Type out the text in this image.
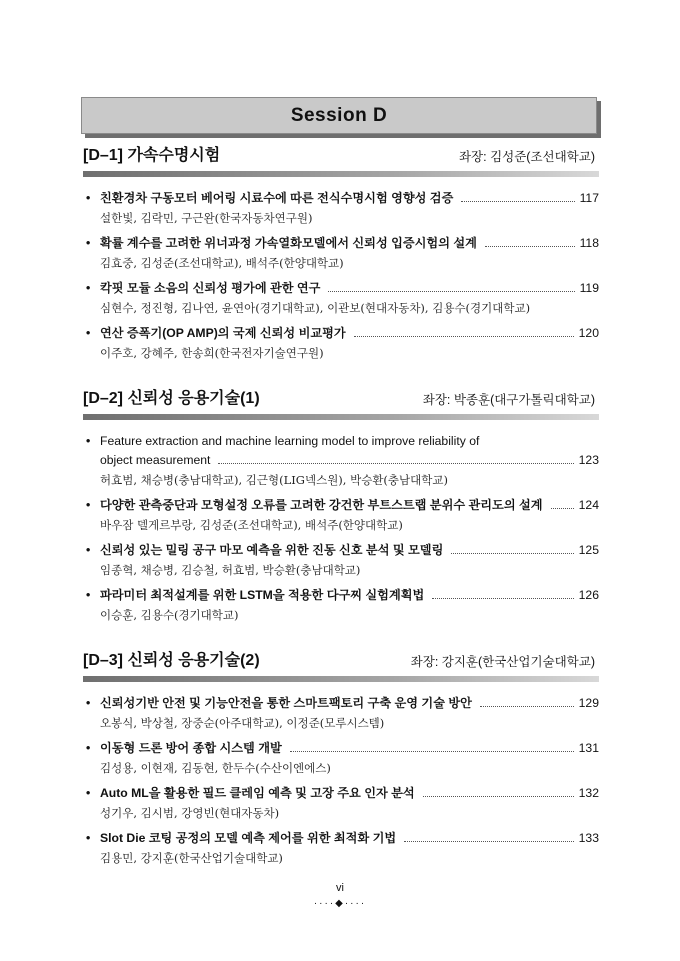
Session D
[D–1] 가속수명시험	좌장: 김성준(조선대학교)
• 친환경차 구동모터 베어링 시료수에 따른 전식수명시험 영향성 검증	117
설한빛, 김락민, 구근완(한국자동차연구원)
• 확률 계수를 고려한 위너과정 가속열화모델에서 신뢰성 입증시험의 설계	118
김효중, 김성준(조선대학교), 배석주(한양대학교)
• 칵핏 모듈 소음의 신뢰성 평가에 관한 연구	119
심현수, 정진형, 김나연, 윤연아(경기대학교), 이관보(현대자동차), 김용수(경기대학교)
• 연산 증폭기(OP AMP)의 국제 신뢰성 비교평가	120
이주호, 강혜주, 한송희(한국전자기술연구원)
[D–2] 신뢰성 응용기술(1)	좌장: 박종훈(대구가톨릭대학교)
• Feature extraction and machine learning model to improve reliability of
object measurement	123
허효범, 채승병(충남대학교), 김근형(LIG넥스원), 박승환(충남대학교)
• 다양한 관측중단과 모형설정 오류를 고려한 강건한 부트스트랩 분위수 관리도의 설계	124
바우잠 델게르부랑, 김성준(조선대학교), 배석주(한양대학교)
• 신뢰성 있는 밀링 공구 마모 예측을 위한 진동 신호 분석 및 모델링	125
임종혁, 채승병, 김승철, 허효범, 박승환(충남대학교)
• 파라미터 최적설계를 위한 LSTM을 적용한 다구찌 실험계획법	126
이승훈, 김용수(경기대학교)
[D–3] 신뢰성 응용기술(2)	좌장: 강지훈(한국산업기술대학교)
• 신뢰성기반 안전 및 기능안전을 통한 스마트팩토리 구축 운영 기술 방안	129
오봉식, 박상철, 장중순(아주대학교), 이정준(모루시스템)
• 이동형 드론 방어 종합 시스템 개발	131
김성용, 이현재, 김동현, 한두수(수산이엔에스)
• Auto ML을 활용한 필드 클레임 예측 및 고장 주요 인자 분석	132
성기우, 김시범, 강영빈(현대자동차)
• Slot Die 코팅 공정의 모델 예측 제어를 위한 최적화 기법	133
김용민, 강지훈(한국산업기술대학교)
vi
····◆····
